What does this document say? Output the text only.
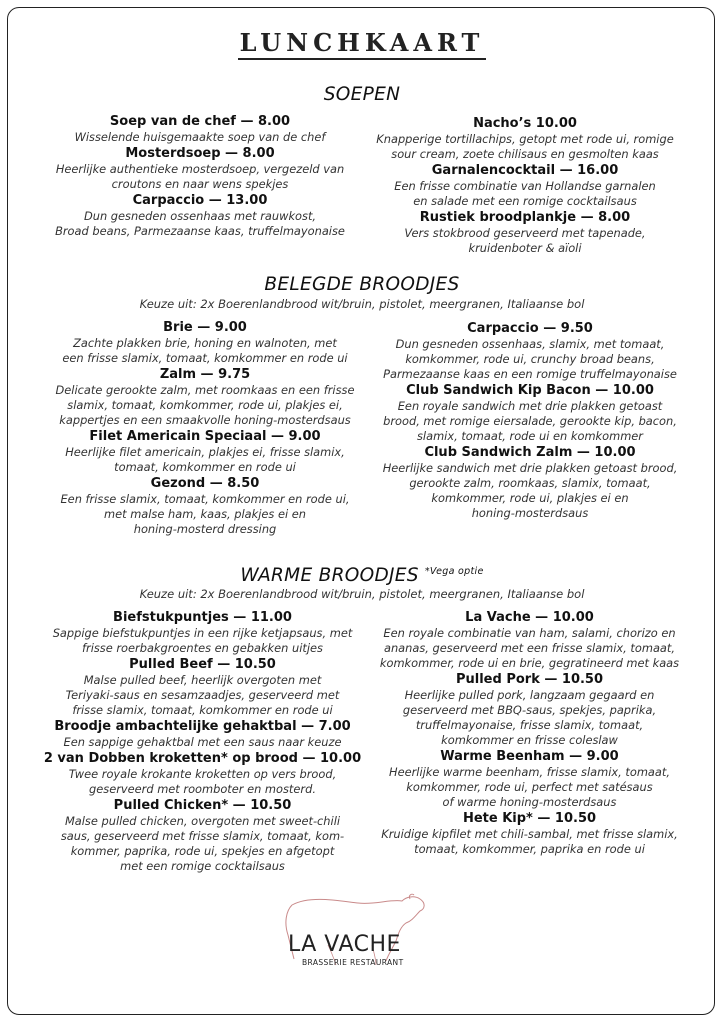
LUNCHKAART
SOEPEN
Soep van de chef — 8.00
Wisselende huisgemaakte soep van de chef
Mosterdsoep — 8.00
Heerlijke authentieke mosterdsoep, vergezeld van
croutons en naar wens spekjes
Carpaccio — 13.00
Dun gesneden ossenhaas met rauwkost,
Broad beans, Parmezaanse kaas, truffelmayonaise
Nacho’s 10.00
Knapperige tortillachips, getopt met rode ui, romige
sour cream, zoete chilisaus en gesmolten kaas
Garnalencocktail — 16.00
Een frisse combinatie van Hollandse garnalen
en salade met een romige cocktailsaus
Rustiek broodplankje — 8.00
Vers stokbrood geserveerd met tapenade,
kruidenboter & aïoli
BELEGDE BROODJES
Keuze uit: 2x Boerenlandbrood wit/bruin, pistolet, meergranen, Italiaanse bol
Brie — 9.00
Zachte plakken brie, honing en walnoten, met
een frisse slamix, tomaat, komkommer en rode ui
Zalm — 9.75
Delicate gerookte zalm, met roomkaas en een frisse
slamix, tomaat, komkommer, rode ui, plakjes ei,
kappertjes en een smaakvolle honing-mosterdsaus
Filet Americain Speciaal — 9.00
Heerlijke filet americain, plakjes ei, frisse slamix,
tomaat, komkommer en rode ui
Gezond — 8.50
Een frisse slamix, tomaat, komkommer en rode ui,
met malse ham, kaas, plakjes ei en
honing-mosterd dressing
Carpaccio — 9.50
Dun gesneden ossenhaas, slamix, met tomaat,
komkommer, rode ui, crunchy broad beans,
Parmezaanse kaas en een romige truffelmayonaise
Club Sandwich Kip Bacon — 10.00
Een royale sandwich met drie plakken getoast
brood, met romige eiersalade, gerookte kip, bacon,
slamix, tomaat, rode ui en komkommer
Club Sandwich Zalm — 10.00
Heerlijke sandwich met drie plakken getoast brood,
gerookte zalm, roomkaas, slamix, tomaat,
komkommer, rode ui, plakjes ei en
honing-mosterdsaus
WARME BROODJES $^{*Vega optie}$
Keuze uit: 2x Boerenlandbrood wit/bruin, pistolet, meergranen, Italiaanse bol
Biefstukpuntjes — 11.00
Sappige biefstukpuntjes in een rijke ketjapsaus, met
frisse roerbakgroentes en gebakken uitjes
Pulled Beef — 10.50
Malse pulled beef, heerlijk overgoten met
Teriyaki-saus en sesamzaadjes, geserveerd met
frisse slamix, tomaat, komkommer en rode ui
Broodje ambachtelijke gehaktbal — 7.00
Een sappige gehaktbal met een saus naar keuze
2 van Dobben kroketten* op brood — 10.00
Twee royale krokante kroketten op vers brood,
geserveerd met roomboter en mosterd.
Pulled Chicken* — 10.50
Malse pulled chicken, overgoten met sweet-chili
saus, geserveerd met frisse slamix, tomaat, kom-
kommer, paprika, rode ui, spekjes en afgetopt
met een romige cocktailsaus
La Vache — 10.00
Een royale combinatie van ham, salami, chorizo en
ananas, geserveerd met een frisse slamix, tomaat,
komkommer, rode ui en brie, gegratineerd met kaas
Pulled Pork — 10.50
Heerlijke pulled pork, langzaam gegaard en
geserveerd met BBQ-saus, spekjes, paprika,
truffelmayonaise, frisse slamix, tomaat,
komkommer en frisse coleslaw
Warme Beenham — 9.00
Heerlijke warme beenham, frisse slamix, tomaat,
komkommer, rode ui, perfect met satésaus
of warme honing-mosterdsaus
Hete Kip* — 10.50
Kruidige kipfilet met chili-sambal, met frisse slamix,
tomaat, komkommer, paprika en rode ui
LA VACHE
BRASSERIE RESTAURANT
